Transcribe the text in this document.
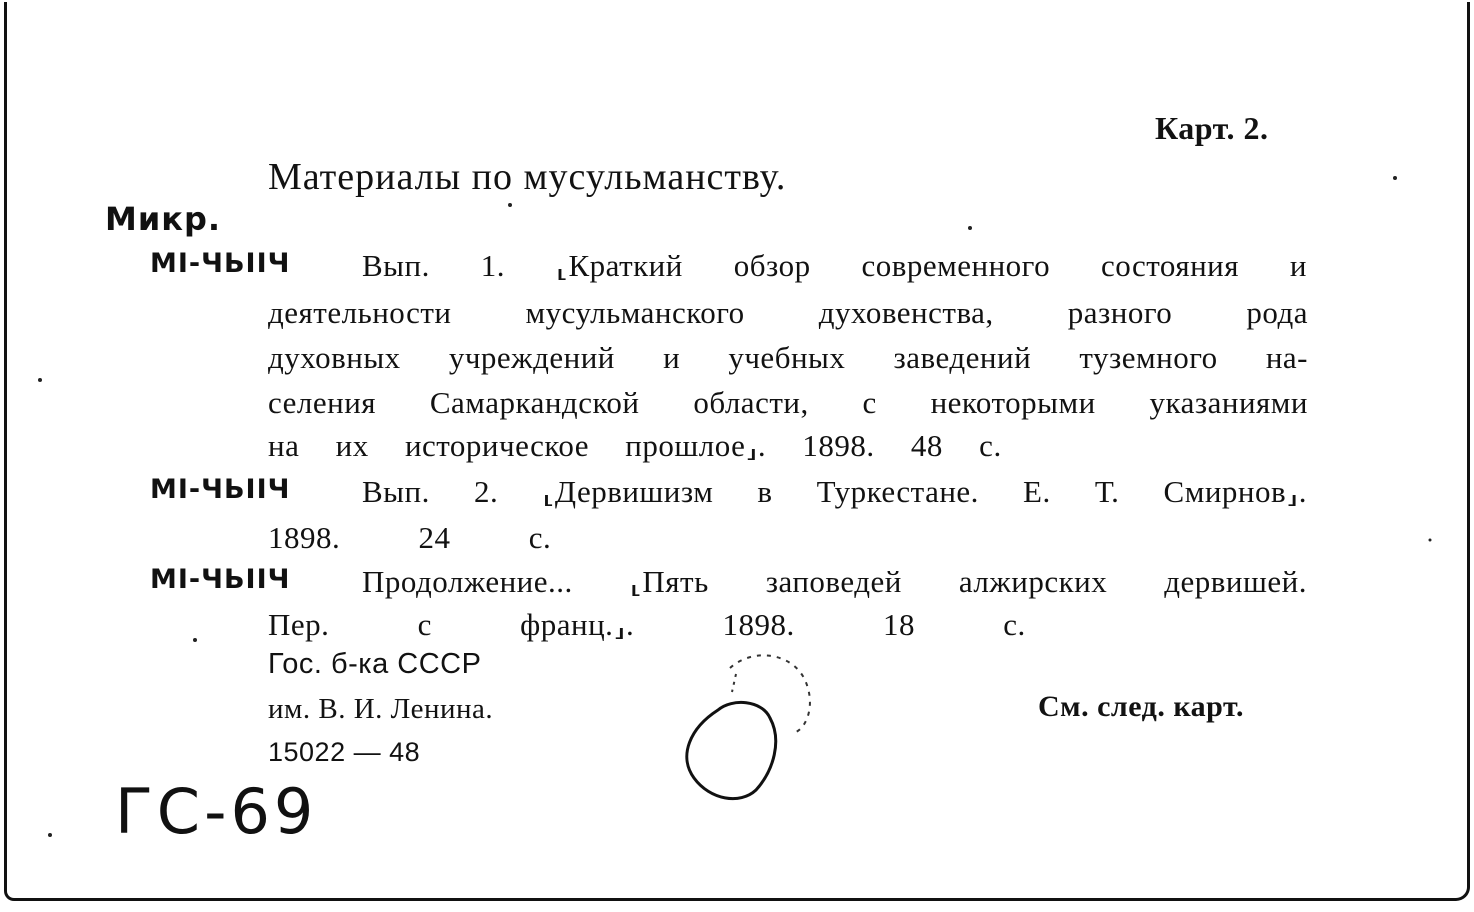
Карт. 2.
Материалы по мусульманству.
Микр.
МІ-ЧЬІІЧ Вып. 1. ⸤Краткий обзор современного состояния и
деятельности мусульманского духовенства, разного рода
духовных учреждений и учебных заведений туземного на-
селения Самаркандской области, с некоторыми указаниями
на их историческое прошлое⸥. 1898. 48 с.
МІ-ЧЬІІЧ Вып. 2. ⸤Дервишизм в Туркестане. Е. Т. Смирнов⸥.
1898. 24 с.
МІ-ЧЬІІЧ Продолжение... ⸤Пять заповедей алжирских дервишей.
Пер. с франц.⸥. 1898. 18 с.
Гос. б-ка СССР
им. В. И. Ленина.
15022 — 48
См. след. карт.
ГС-69
